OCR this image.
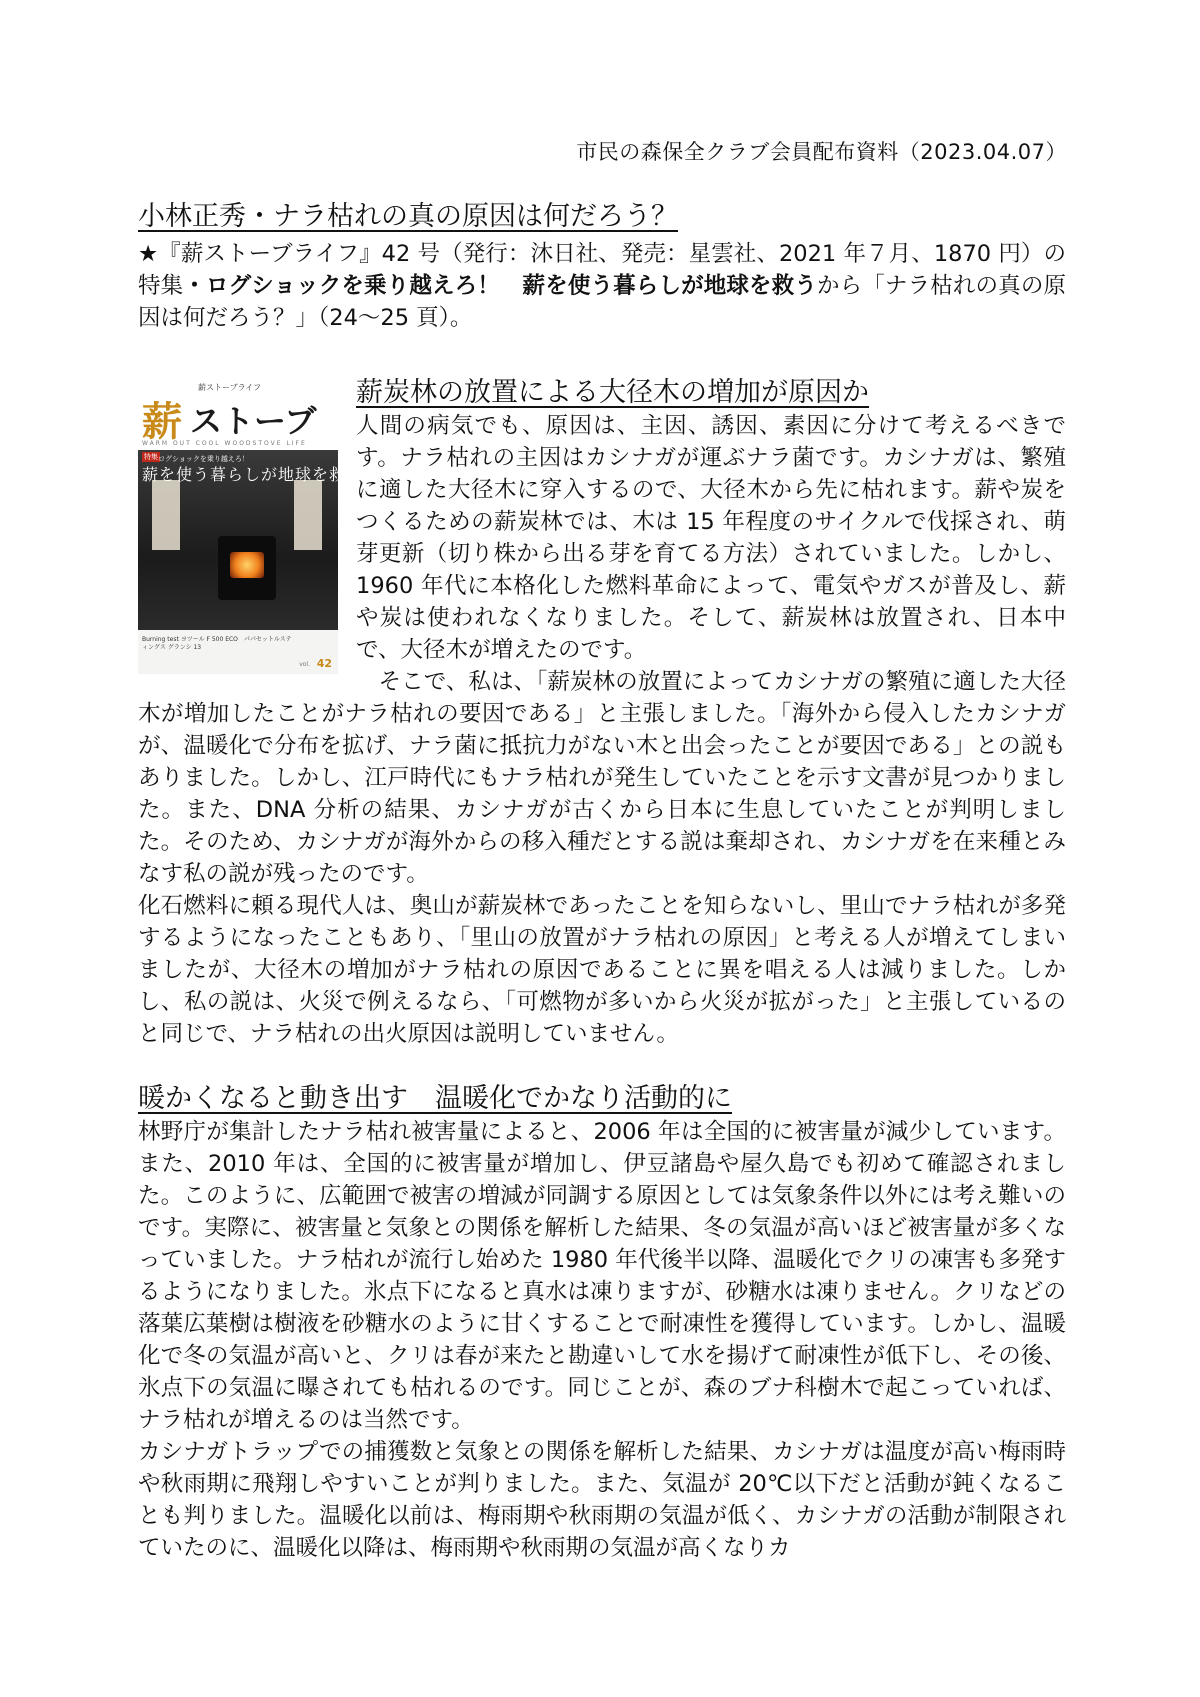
市民の森保全クラブ会員配布資料（2023.04.07）
小林正秀・ナラ枯れの真の原因は何だろう？

★『薪ストーブライフ』42 号（発行：沐日社、発売：星雲社、2021 年７月、1870 円）の特集・ログショックを乗り越えろ！　薪を使う暮らしが地球を救うから「ナラ枯れの真の原因は何だろう？」（24～25 頁）。

薪 ストーブ
薪ストーブライフ
WARM OUT COOL WOODSTOVE LIFE
特集 ログショックを乗り越えろ！
薪を使う暮らしが地球を救う
Burning test ヨツール F 500 ECO　パパセットルスティングス グランシ 13
vol. 42
薪炭林の放置による大径木の増加が原因か

人間の病気でも、原因は、主因、誘因、素因に分けて考えるべきです。ナラ枯れの主因はカシナガが運ぶナラ菌です。カシナガは、繁殖に適した大径木に穿入するので、大径木から先に枯れます。薪や炭をつくるための薪炭林では、木は 15 年程度のサイクルで伐採され、萌芽更新（切り株から出る芽を育てる方法）されていました。しかし、1960 年代に本格化した燃料革命によって、電気やガスが普及し、薪や炭は使われなくなりました。そして、薪炭林は放置され、日本中で、大径木が増えたのです。

　そこで、私は、「薪炭林の放置によってカシナガの繁殖に適した大径木が増加したことがナラ枯れの要因である」と主張しました。「海外から侵入したカシナガが、温暖化で分布を拡げ、ナラ菌に抵抗力がない木と出会ったことが要因である」との説もありました。しかし、江戸時代にもナラ枯れが発生していたことを示す文書が見つかりました。また、DNA 分析の結果、カシナガが古くから日本に生息していたことが判明しました。そのため、カシナガが海外からの移入種だとする説は棄却され、カシナガを在来種とみなす私の説が残ったのです。

化石燃料に頼る現代人は、奥山が薪炭林であったことを知らないし、里山でナラ枯れが多発するようになったこともあり、「里山の放置がナラ枯れの原因」と考える人が増えてしまいましたが、大径木の増加がナラ枯れの原因であることに異を唱える人は減りました。しかし、私の説は、火災で例えるなら、「可燃物が多いから火災が拡がった」と主張しているのと同じで、ナラ枯れの出火原因は説明していません。

暖かくなると動き出す　温暖化でかなり活動的に

林野庁が集計したナラ枯れ被害量によると、2006 年は全国的に被害量が減少しています。また、2010 年は、全国的に被害量が増加し、伊豆諸島や屋久島でも初めて確認されました。このように、広範囲で被害の増減が同調する原因としては気象条件以外には考え難いのです。実際に、被害量と気象との関係を解析した結果、冬の気温が高いほど被害量が多くなっていました。ナラ枯れが流行し始めた 1980 年代後半以降、温暖化でクリの凍害も多発するようになりました。氷点下になると真水は凍りますが、砂糖水は凍りません。クリなどの落葉広葉樹は樹液を砂糖水のように甘くすることで耐凍性を獲得しています。しかし、温暖化で冬の気温が高いと、クリは春が来たと勘違いして水を揚げて耐凍性が低下し、その後、氷点下の気温に曝されても枯れるのです。同じことが、森のブナ科樹木で起こっていれば、ナラ枯れが増えるのは当然です。

カシナガトラップでの捕獲数と気象との関係を解析した結果、カシナガは温度が高い梅雨時や秋雨期に飛翔しやすいことが判りました。また、気温が 20℃以下だと活動が鈍くなることも判りました。温暖化以前は、梅雨期や秋雨期の気温が低く、カシナガの活動が制限されていたのに、温暖化以降は、梅雨期や秋雨期の気温が高くなりカ
